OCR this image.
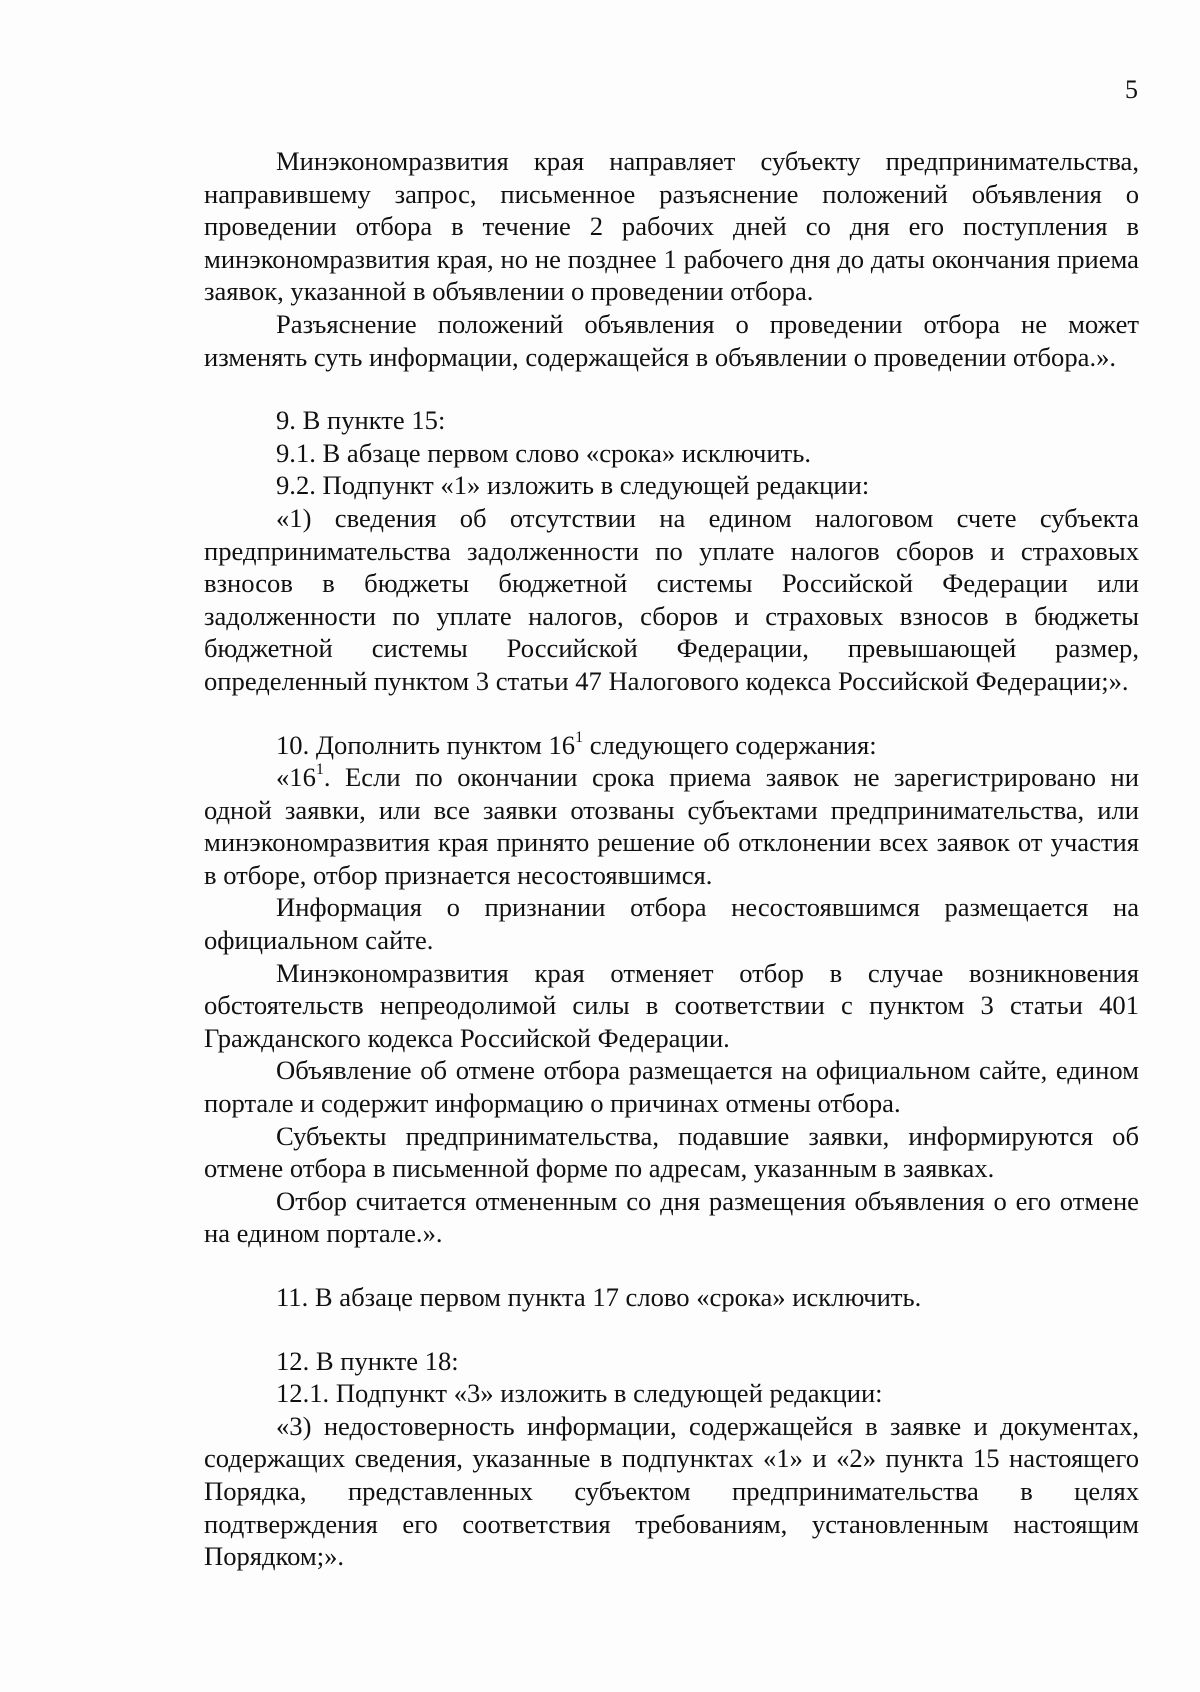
5

Минэкономразвития края направляет субъекту предпринимательства, направившему запрос, письменное разъяснение положений объявления о проведении отбора в течение 2 рабочих дней со дня его поступления в минэкономразвития края, но не позднее 1 рабочего дня до даты окончания приема заявок, указанной в объявлении о проведении отбора.

Разъяснение положений объявления о проведении отбора не может изменять суть информации, содержащейся в объявлении о проведении отбора.».

9. В пункте 15:

9.1. В абзаце первом слово «срока» исключить.

9.2. Подпункт «1» изложить в следующей редакции:

«1) сведения об отсутствии на едином налоговом счете субъекта предпринимательства задолженности по уплате налогов сборов и страховых взносов в бюджеты бюджетной системы Российской Федерации или задолженности по уплате налогов, сборов и страховых взносов в бюджеты бюджетной системы Российской Федерации, превышающей размер, определенный пунктом 3 статьи 47 Налогового кодекса Российской Федерации;».

10. Дополнить пунктом $16^1$ следующего содержания:

«$16^1$. Если по окончании срока приема заявок не зарегистрировано ни одной заявки, или все заявки отозваны субъектами предпринимательства, или минэкономразвития края принято решение об отклонении всех заявок от участия в отборе, отбор признается несостоявшимся.

Информация о признании отбора несостоявшимся размещается на официальном сайте.

Минэкономразвития края отменяет отбор в случае возникновения обстоятельств непреодолимой силы в соответствии с пунктом 3 статьи 401 Гражданского кодекса Российской Федерации.

Объявление об отмене отбора размещается на официальном сайте, едином портале и содержит информацию о причинах отмены отбора.

Субъекты предпринимательства, подавшие заявки, информируются об отмене отбора в письменной форме по адресам, указанным в заявках.

Отбор считается отмененным со дня размещения объявления о его отмене на едином портале.».

11. В абзаце первом пункта 17 слово «срока» исключить.

12. В пункте 18:

12.1. Подпункт «3» изложить в следующей редакции:

«3) недостоверность информации, содержащейся в заявке и документах, содержащих сведения, указанные в подпунктах «1» и «2» пункта 15 настоящего Порядка, представленных субъектом предпринимательства в целях подтверждения его соответствия требованиям, установленным настоящим Порядком;».
